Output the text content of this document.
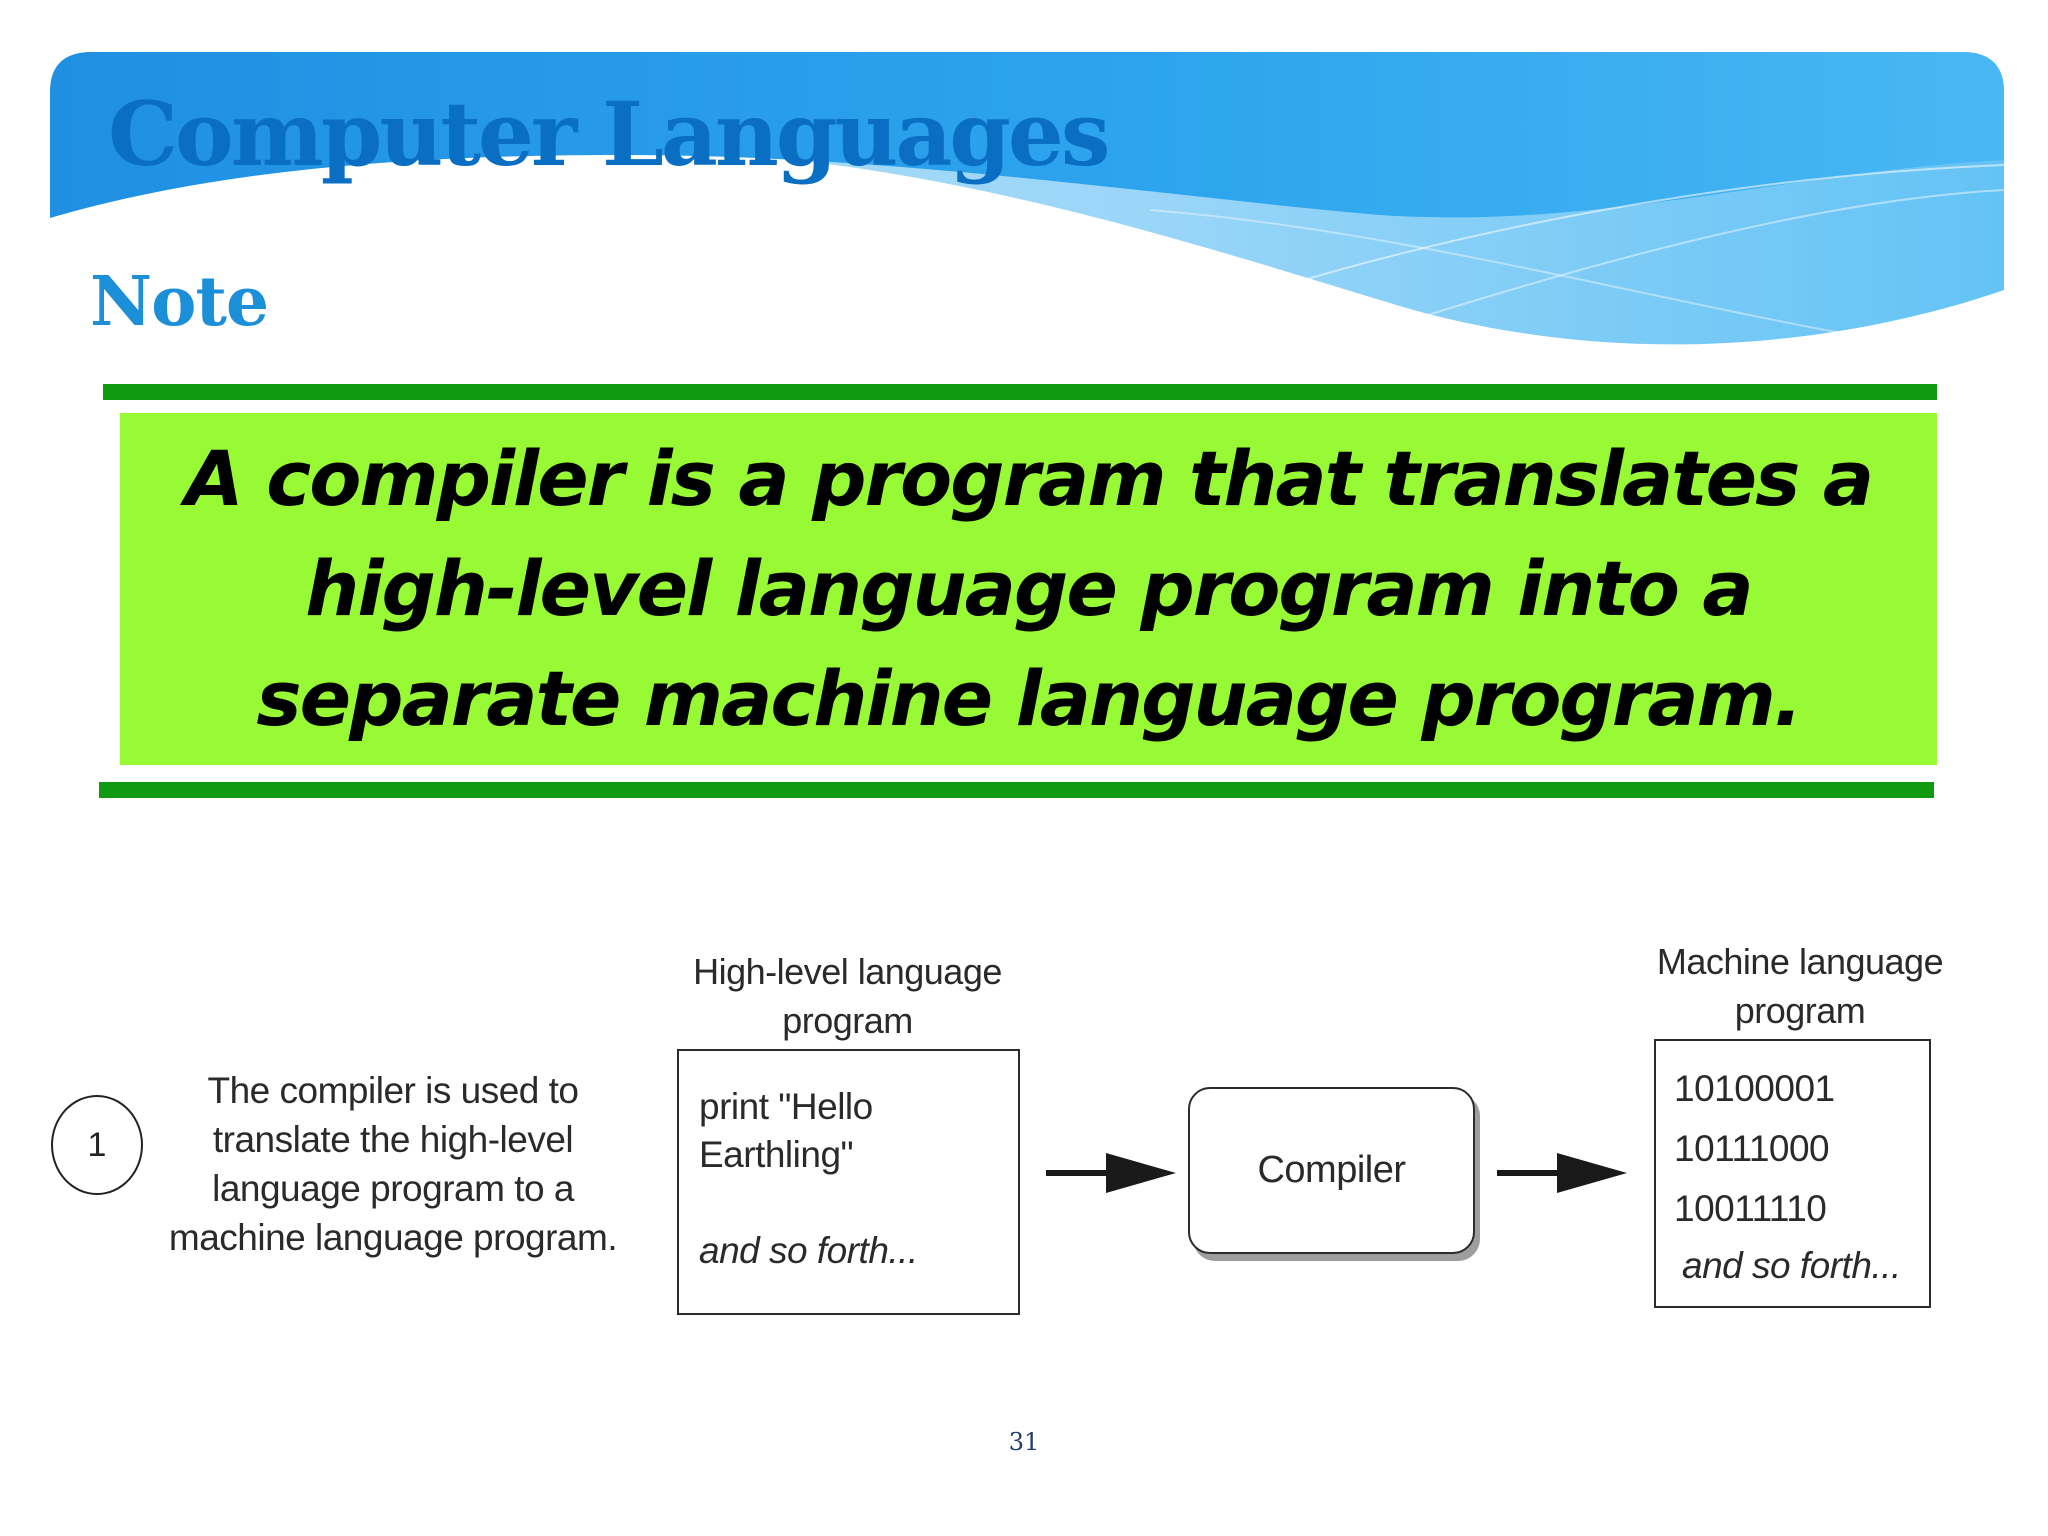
Computer Languages
Note

A compiler is a program that translates a high-level language program into a separate machine language program.

1
The compiler is used to translate the high-level language program to a machine language program.
High-level language program
print "Hello
Earthling"
and so forth...
Compiler
Machine language program
10100001
10111000
10011110
and so forth...
31
